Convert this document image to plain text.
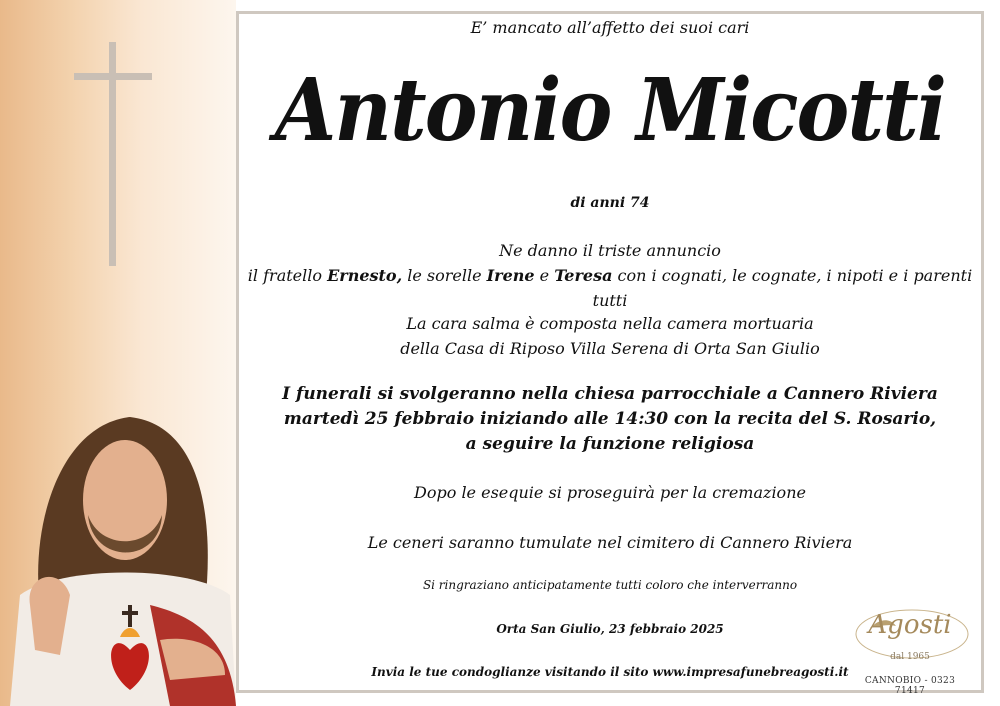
E’ mancato all’affetto dei suoi cari
Antonio Micotti
di anni 74
Ne danno il triste annuncio
il fratello Ernesto, le sorelle Irene e Teresa con i cognati, le cognate, i nipoti e i parenti tutti
La cara salma è composta nella camera mortuaria
della Casa di Riposo Villa Serena di Orta San Giulio
I funerali si svolgeranno nella chiesa parrocchiale a Cannero Riviera
martedì 25 febbraio iniziando alle 14:30 con la recita del S. Rosario,
a seguire la funzione religiosa
Dopo le esequie si proseguirà per la cremazione
Le ceneri saranno tumulate nel cimitero di Cannero Riviera
Si ringraziano anticipatamente tutti coloro che interverranno
Orta San Giulio, 23 febbraio 2025
Invia le tue condoglianze visitando il sito www.impresafunebreagosti.it
Agosti
dal 1965
CANNOBIO - 0323 71417
